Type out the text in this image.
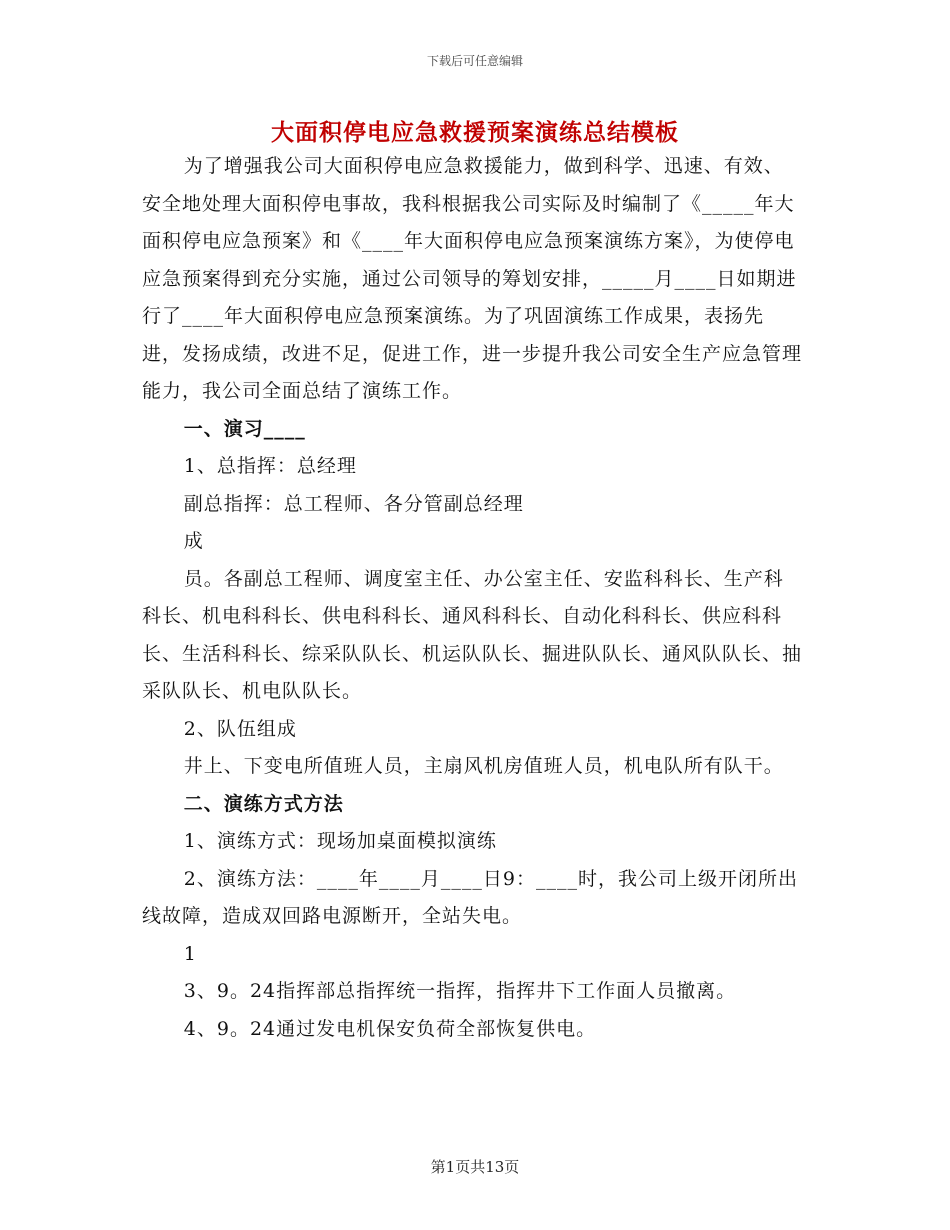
下载后可任意编辑
大面积停电应急救援预案演练总结模板

为了增强我公司大面积停电应急救援能力，做到科学、迅速、有效、安全地处理大面积停电事故，我科根据我公司实际及时编制了《_____年大面积停电应急预案》和《____年大面积停电应急预案演练方案》，为使停电应急预案得到充分实施，通过公司领导的筹划安排，_____月____日如期进行了____年大面积停电应急预案演练。为了巩固演练工作成果，表扬先进，发扬成绩，改进不足，促进工作，进一步提升我公司安全生产应急管理能力，我公司全面总结了演练工作。

一、演习____

1、总指挥：总经理

副总指挥：总工程师、各分管副总经理

成

员。各副总工程师、调度室主任、办公室主任、安监科科长、生产科科长、机电科科长、供电科科长、通风科科长、自动化科科长、供应科科长、生活科科长、综采队队长、机运队队长、掘进队队长、通风队队长、抽采队队长、机电队队长。

2、队伍组成

井上、下变电所值班人员，主扇风机房值班人员，机电队所有队干。

二、演练方式方法

1、演练方式：现场加桌面模拟演练

2、演练方法：____年____月____日9：____时，我公司上级开闭所出线故障，造成双回路电源断开，全站失电。

1

3、9。24指挥部总指挥统一指挥，指挥井下工作面人员撤离。

4、9。24通过发电机保安负荷全部恢复供电。

第1页共13页
